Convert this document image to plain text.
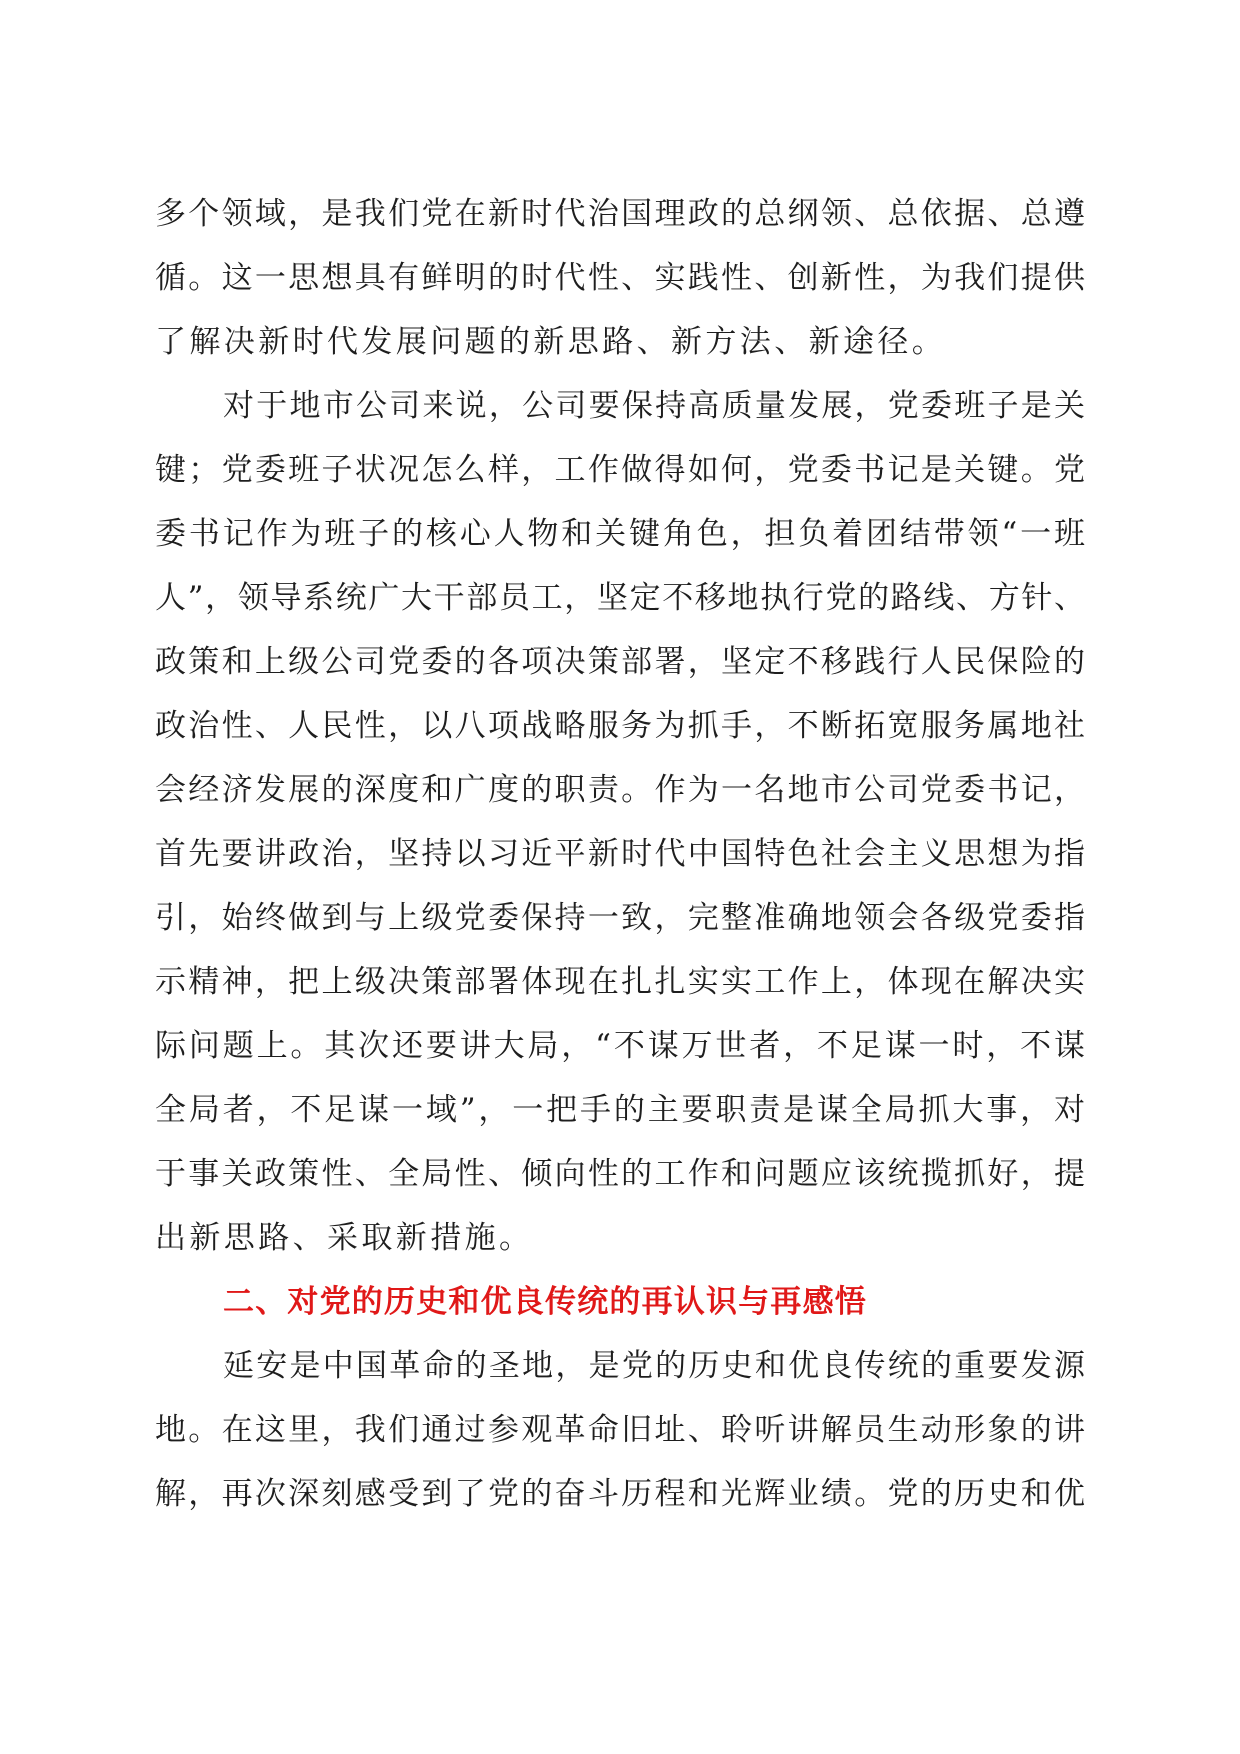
多个领域，是我们党在新时代治国理政的总纲领、总依据、总遵
循。这一思想具有鲜明的时代性、实践性、创新性，为我们提供
了解决新时代发展问题的新思路、新方法、新途径。
对于地市公司来说，公司要保持高质量发展，党委班子是关
键；党委班子状况怎么样，工作做得如何，党委书记是关键。党
委书记作为班子的核心人物和关键角色，担负着团结带领“一班
人”，领导系统广大干部员工，坚定不移地执行党的路线、方针、
政策和上级公司党委的各项决策部署，坚定不移践行人民保险的
政治性、人民性，以八项战略服务为抓手，不断拓宽服务属地社
会经济发展的深度和广度的职责。作为一名地市公司党委书记，
首先要讲政治，坚持以习近平新时代中国特色社会主义思想为指
引，始终做到与上级党委保持一致，完整准确地领会各级党委指
示精神，把上级决策部署体现在扎扎实实工作上，体现在解决实
际问题上。其次还要讲大局，“不谋万世者，不足谋一时，不谋
全局者，不足谋一域”，一把手的主要职责是谋全局抓大事，对
于事关政策性、全局性、倾向性的工作和问题应该统揽抓好，提
出新思路、采取新措施。
二、对党的历史和优良传统的再认识与再感悟
延安是中国革命的圣地，是党的历史和优良传统的重要发源
地。在这里，我们通过参观革命旧址、聆听讲解员生动形象的讲
解，再次深刻感受到了党的奋斗历程和光辉业绩。党的历史和优
